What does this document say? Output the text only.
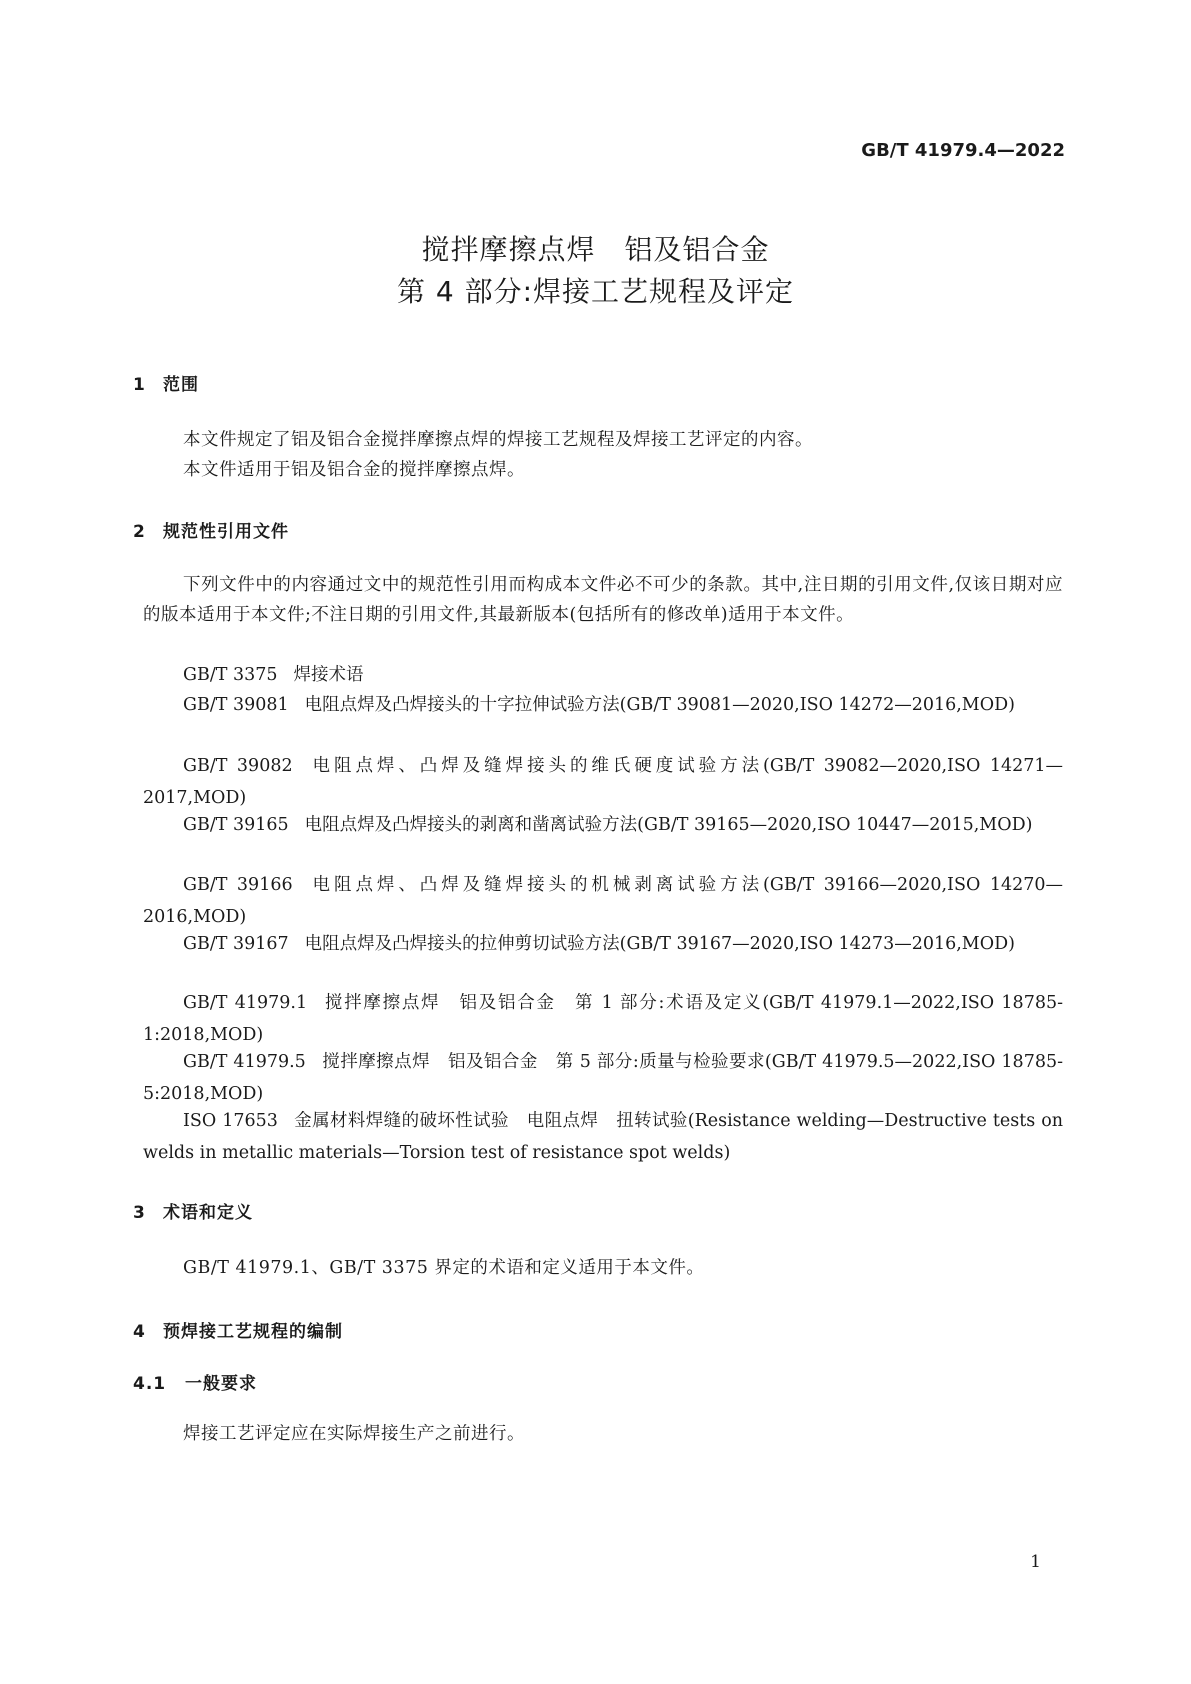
GB/T 41979.4—2022
搅拌摩擦点焊　铝及铝合金
第 4 部分:焊接工艺规程及评定
1 范围
本文件规定了铝及铝合金搅拌摩擦点焊的焊接工艺规程及焊接工艺评定的内容。
本文件适用于铝及铝合金的搅拌摩擦点焊。
2 规范性引用文件
下列文件中的内容通过文中的规范性引用而构成本文件必不可少的条款。其中,注日期的引用文件,仅该日期对应的版本适用于本文件;不注日期的引用文件,其最新版本(包括所有的修改单)适用于本文件。
GB/T 3375 焊接术语
GB/T 39081 电阻点焊及凸焊接头的十字拉伸试验方法(GB/T 39081—2020,ISO 14272—2016,MOD)
GB/T 39082 电阻点焊、凸焊及缝焊接头的维氏硬度试验方法(GB/T 39082—2020,ISO 14271—2017,MOD)
GB/T 39165 电阻点焊及凸焊接头的剥离和凿离试验方法(GB/T 39165—2020,ISO 10447—2015,MOD)
GB/T 39166 电阻点焊、凸焊及缝焊接头的机械剥离试验方法(GB/T 39166—2020,ISO 14270—2016,MOD)
GB/T 39167 电阻点焊及凸焊接头的拉伸剪切试验方法(GB/T 39167—2020,ISO 14273—2016,MOD)
GB/T 41979.1 搅拌摩擦点焊　铝及铝合金　第 1 部分:术语及定义(GB/T 41979.1—2022,ISO 18785-1:2018,MOD)
GB/T 41979.5 搅拌摩擦点焊　铝及铝合金　第 5 部分:质量与检验要求(GB/T 41979.5—2022,ISO 18785-5:2018,MOD)
ISO 17653 金属材料焊缝的破坏性试验　电阻点焊　扭转试验(Resistance welding—Destructive tests on welds in metallic materials—Torsion test of resistance spot welds)
3 术语和定义
GB/T 41979.1、GB/T 3375 界定的术语和定义适用于本文件。
4 预焊接工艺规程的编制
4.1 一般要求
焊接工艺评定应在实际焊接生产之前进行。
1
